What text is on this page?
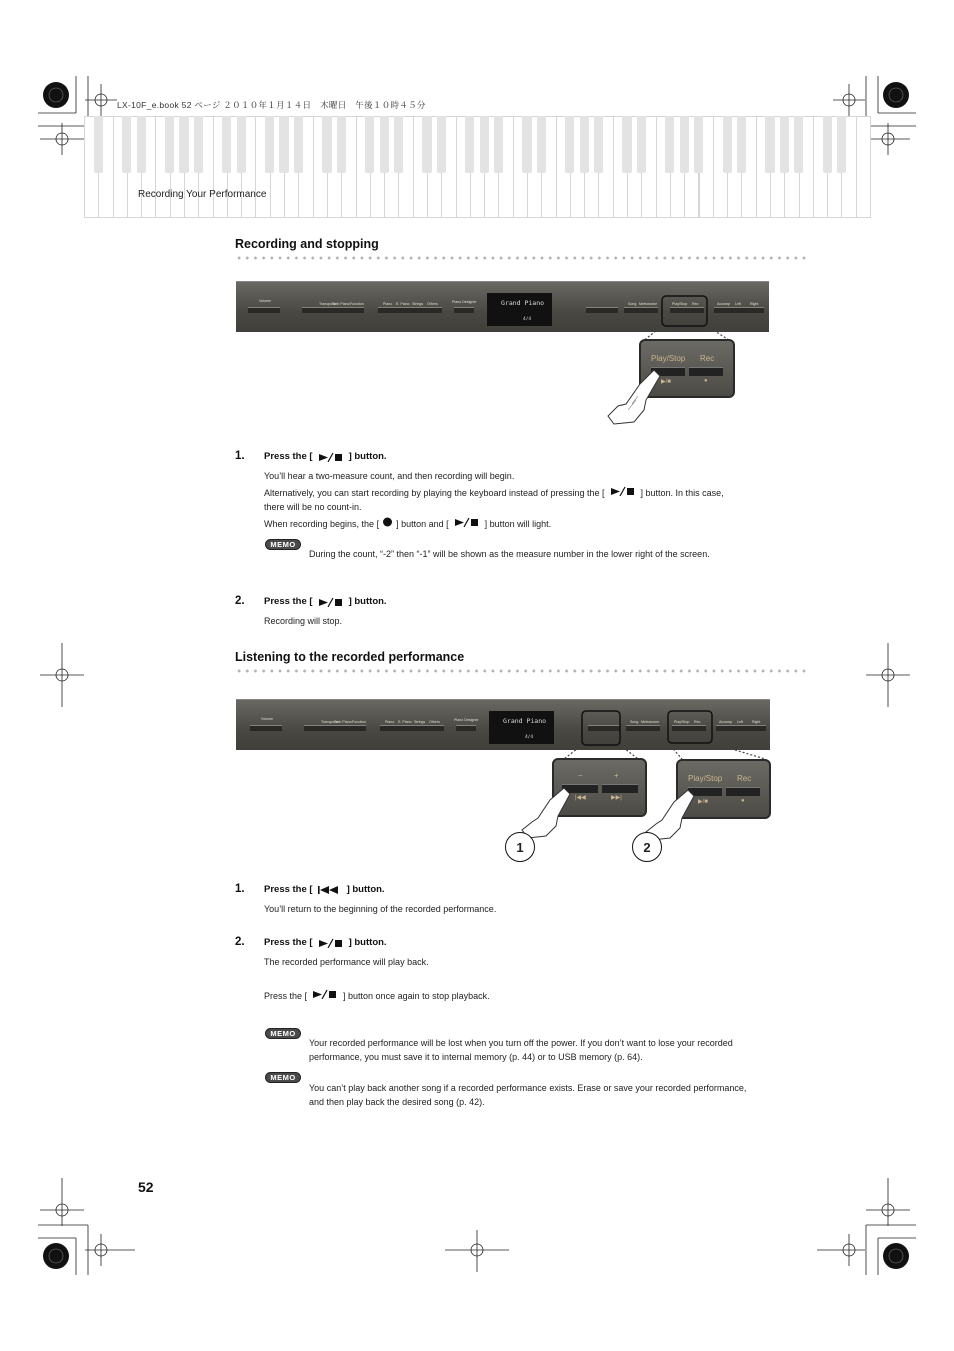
LX-10F_e.book 52 ページ ２０１０年１月１４日　木曜日　午後１０時４５分
Recording Your Performance
Recording and stopping
Volume
Transpose
Twin Piano Function	Piano E. Piano Strings Others	Piano Designer	Grand Piano
4/4
Song Metronome	Play/Stop Rec	Accomp Left	Right
Play/Stop Rec
▶/■	●
1. Press the [	] button.
You’ll hear a two-measure count, and then recording will begin.
Alternatively, you can start recording by playing the keyboard instead of pressing the [	] button. In this case,
there will be no count-in.
When recording begins, the [ ] button and [	] button will light.
MEMO
During the count, “-2” then “-1” will be shown as the measure number in the lower right of the screen.
2. Press the [	] button.
Recording will stop.
Listening to the recorded performance
Volume
Transpose
Twin Piano Function	Piano E. Piano Strings Others	Piano Designer	Grand Piano
4/4
Song Metronome	Play/Stop Rec	Accomp Left	Right
−	+
|◀◀	▶▶|
Play/Stop Rec
▶/■	●
1	2
1. Press the [	] button.
You’ll return to the beginning of the recorded performance.
2. Press the [	] button.
The recorded performance will play back.
Press the [	] button once again to stop playback.
MEMO
Your recorded performance will be lost when you turn off the power. If you don’t want to lose your recorded performance, you must save it to internal memory (p. 44) or to USB memory (p. 64).
MEMO
You can’t play back another song if a recorded performance exists. Erase or save your recorded performance, and then play back the desired song (p. 42).
52
